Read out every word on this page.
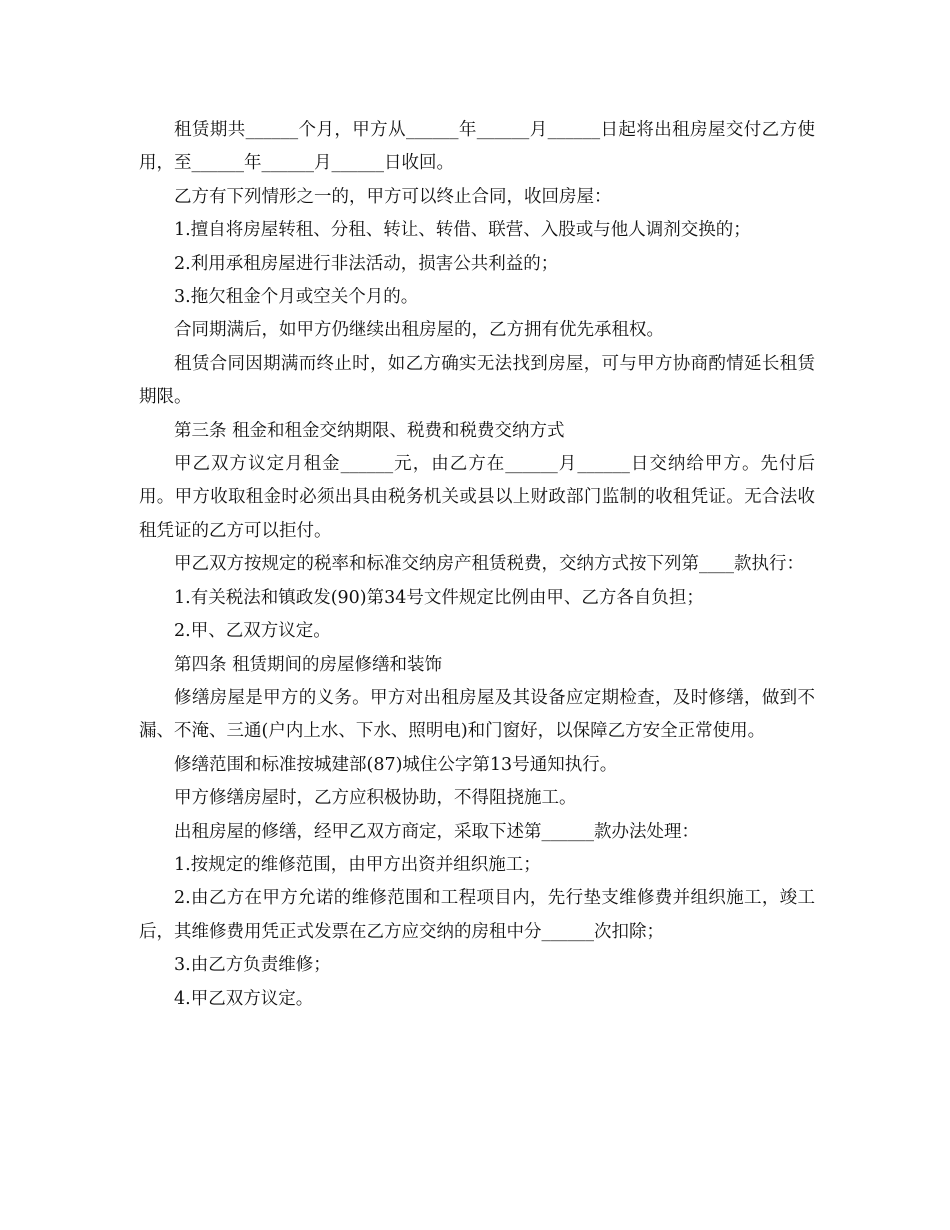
租赁期共______个月，甲方从______年______月______日起将出租房屋交付乙方使用，至______年______月______日收回。

乙方有下列情形之一的，甲方可以终止合同，收回房屋：

1.擅自将房屋转租、分租、转让、转借、联营、入股或与他人调剂交换的；

2.利用承租房屋进行非法活动，损害公共利益的；

3.拖欠租金个月或空关个月的。

合同期满后，如甲方仍继续出租房屋的，乙方拥有优先承租权。

租赁合同因期满而终止时，如乙方确实无法找到房屋，可与甲方协商酌情延长租赁期限。

第三条 租金和租金交纳期限、税费和税费交纳方式

甲乙双方议定月租金______元，由乙方在______月______日交纳给甲方。先付后用。甲方收取租金时必须出具由税务机关或县以上财政部门监制的收租凭证。无合法收租凭证的乙方可以拒付。

甲乙双方按规定的税率和标准交纳房产租赁税费，交纳方式按下列第____款执行：

1.有关税法和镇政发(90)第34号文件规定比例由甲、乙方各自负担；

2.甲、乙双方议定。

第四条 租赁期间的房屋修缮和装饰

修缮房屋是甲方的义务。甲方对出租房屋及其设备应定期检查，及时修缮，做到不漏、不淹、三通(户内上水、下水、照明电)和门窗好，以保障乙方安全正常使用。

修缮范围和标准按城建部(87)城住公字第13号通知执行。

甲方修缮房屋时，乙方应积极协助，不得阻挠施工。

出租房屋的修缮，经甲乙双方商定，采取下述第______款办法处理：

1.按规定的维修范围，由甲方出资并组织施工；

2.由乙方在甲方允诺的维修范围和工程项目内，先行垫支维修费并组织施工，竣工后，其维修费用凭正式发票在乙方应交纳的房租中分______次扣除；

3.由乙方负责维修；

4.甲乙双方议定。
